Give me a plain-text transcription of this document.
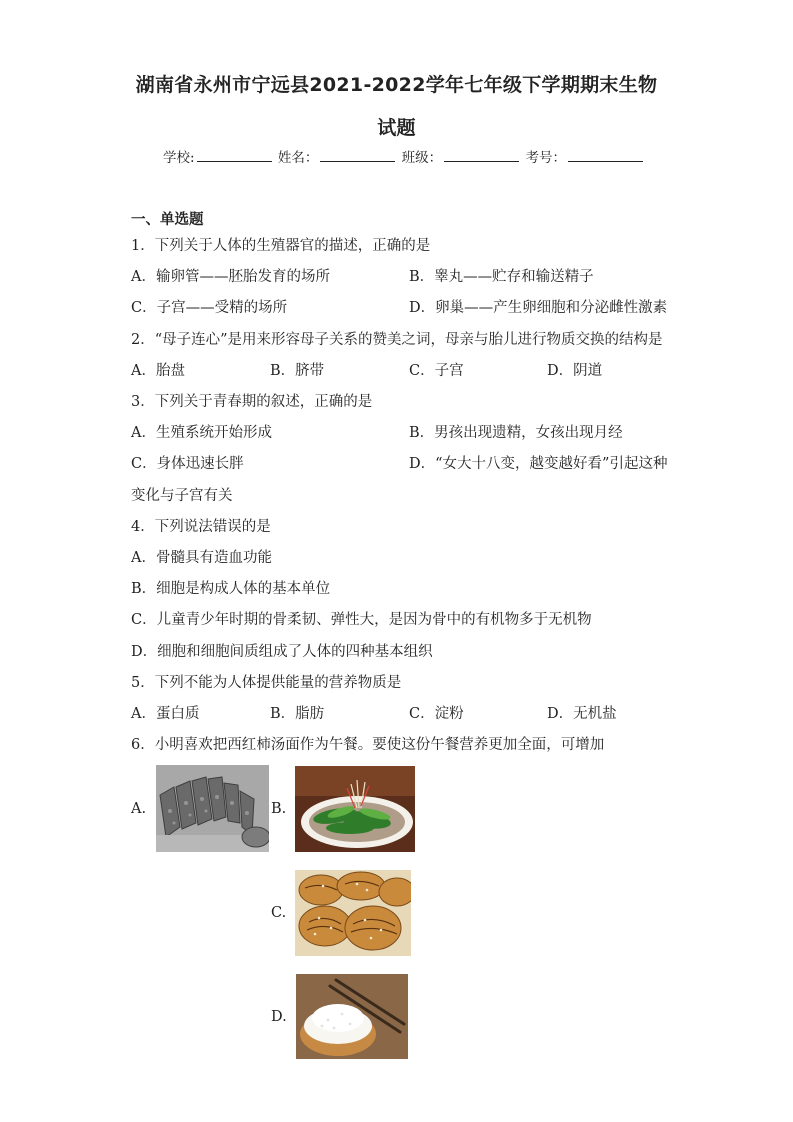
湖南省永州市宁远县2021-2022学年七年级下学期期末生物
试题
学校:	姓名：	班级：	考号：
一、单选题
1．下列关于人体的生殖器官的描述，正确的是
A．输卵管——胚胎发育的场所	B．睾丸——贮存和输送精子
C．子宫——受精的场所	D．卵巢——产生卵细胞和分泌雌性激素
2．“母子连心”是用来形容母子关系的赞美之词，母亲与胎儿进行物质交换的结构是
A．胎盘	B．脐带	C．子宫	D．阴道
3．下列关于青春期的叙述，正确的是
A．生殖系统开始形成	B．男孩出现遗精，女孩出现月经
C．身体迅速长胖	D．“女大十八变，越变越好看”引起这种
变化与子宫有关
4．下列说法错误的是
A．骨髓具有造血功能
B．细胞是构成人体的基本单位
C．儿童青少年时期的骨柔韧、弹性大，是因为骨中的有机物多于无机物
D．细胞和细胞间质组成了人体的四种基本组织
5．下列不能为人体提供能量的营养物质是
A．蛋白质	B．脂肪	C．淀粉	D．无机盐
6．小明喜欢把西红柿汤面作为午餐。要使这份午餐营养更加全面，可增加
A.	B.
C.
D.
